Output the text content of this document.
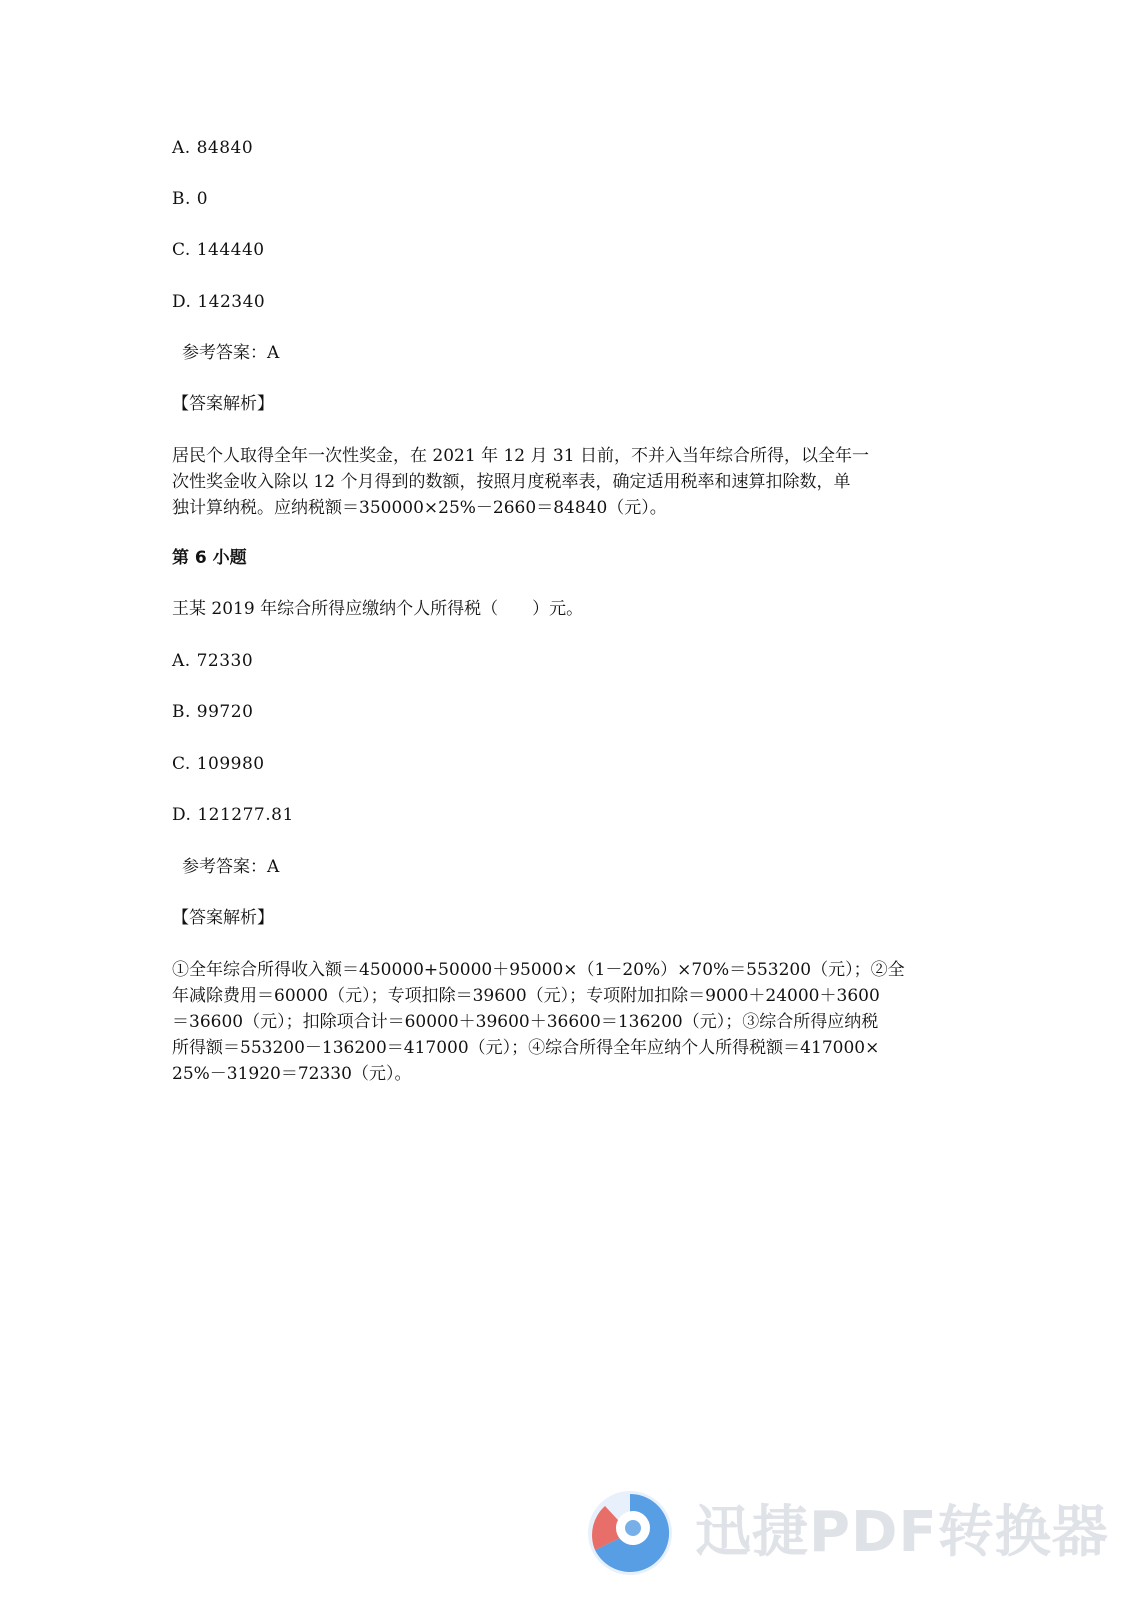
A. 84840
B. 0
C. 144440
D. 142340
参考答案：A
【答案解析】
居民个人取得全年一次性奖金，在 2021 年 12 月 31 日前，不并入当年综合所得，以全年一
次性奖金收入除以 12 个月得到的数额，按照月度税率表，确定适用税率和速算扣除数，单
独计算纳税。应纳税额＝350000×25%－2660＝84840（元）。
第 6 小题
王某 2019 年综合所得应缴纳个人所得税（　　）元。
A. 72330
B. 99720
C. 109980
D. 121277.81
参考答案：A
【答案解析】
①全年综合所得收入额＝450000+50000＋95000×（1－20%）×70%＝553200（元）；②全
年减除费用＝60000（元）；专项扣除＝39600（元）；专项附加扣除＝9000＋24000＋3600
＝36600（元）；扣除项合计＝60000＋39600＋36600＝136200（元）；③综合所得应纳税
所得额＝553200－136200＝417000（元）；④综合所得全年应纳个人所得税额＝417000×
25%－31920＝72330（元）。
迅捷PDF转换器
